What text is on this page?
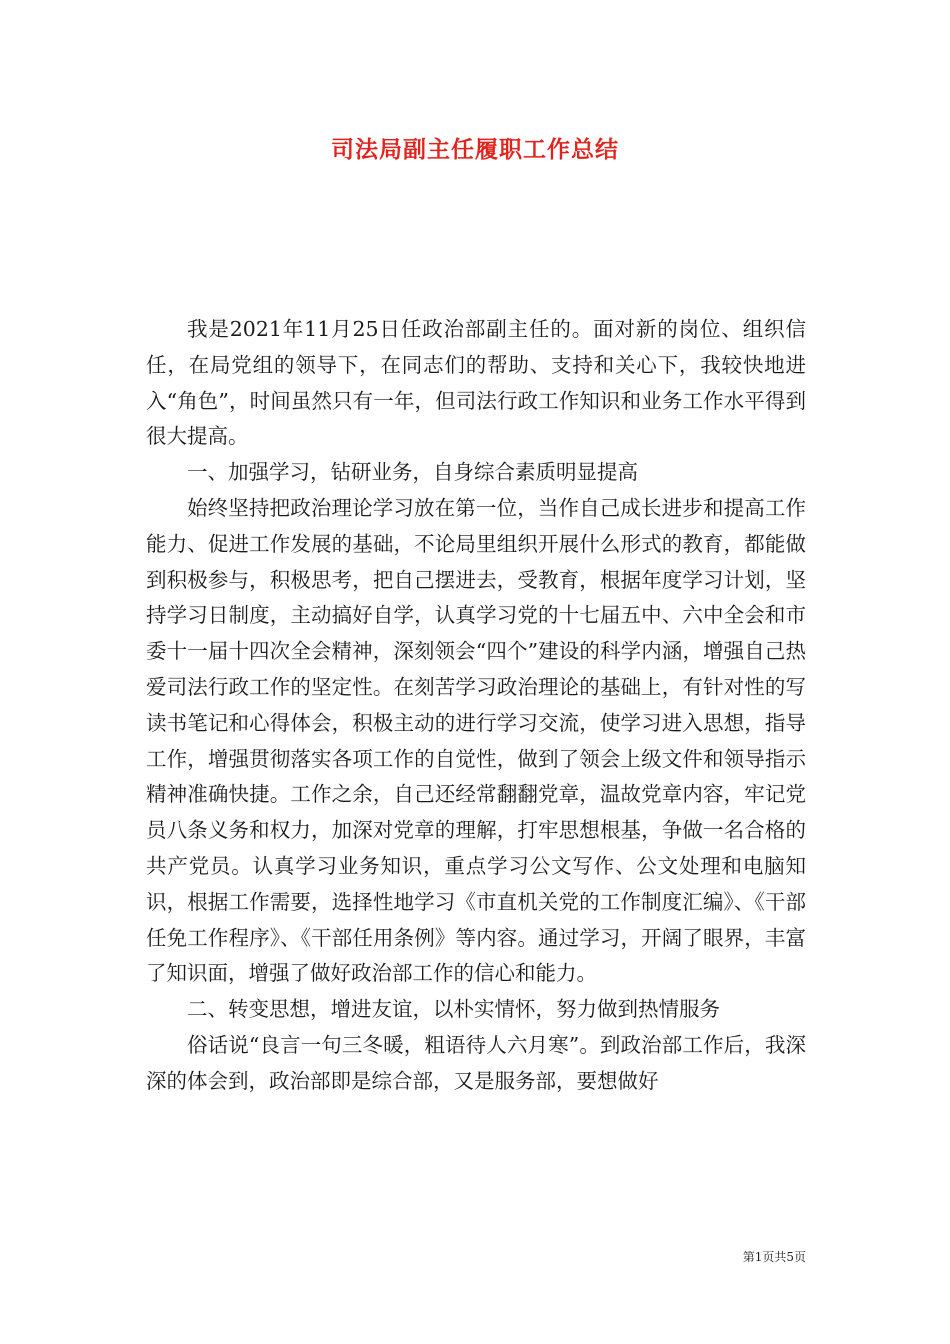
司法局副主任履职工作总结

我是2021年11月25日任政治部副主任的。面对新的岗位、组织信任，在局党组的领导下，在同志们的帮助、支持和关心下，我较快地进入“角色”，时间虽然只有一年，但司法行政工作知识和业务工作水平得到很大提高。

一、加强学习，钻研业务，自身综合素质明显提高

始终坚持把政治理论学习放在第一位，当作自己成长进步和提高工作能力、促进工作发展的基础，不论局里组织开展什么形式的教育，都能做到积极参与，积极思考，把自己摆进去，受教育，根据年度学习计划，坚持学习日制度，主动搞好自学，认真学习党的十七届五中、六中全会和市委十一届十四次全会精神，深刻领会“四个”建设的科学内涵，增强自己热爱司法行政工作的坚定性。在刻苦学习政治理论的基础上，有针对性的写读书笔记和心得体会，积极主动的进行学习交流，使学习进入思想，指导工作，增强贯彻落实各项工作的自觉性，做到了领会上级文件和领导指示精神准确快捷。工作之余，自己还经常翻翻党章，温故党章内容，牢记党员八条义务和权力，加深对党章的理解，打牢思想根基，争做一名合格的共产党员。认真学习业务知识，重点学习公文写作、公文处理和电脑知识，根据工作需要，选择性地学习《市直机关党的工作制度汇编》、《干部任免工作程序》、《干部任用条例》等内容。通过学习，开阔了眼界，丰富了知识面，增强了做好政治部工作的信心和能力。

二、转变思想，增进友谊，以朴实情怀，努力做到热情服务

俗话说“良言一句三冬暖，粗语待人六月寒”。到政治部工作后，我深深的体会到，政治部即是综合部，又是服务部，要想做好

第1页共5页
